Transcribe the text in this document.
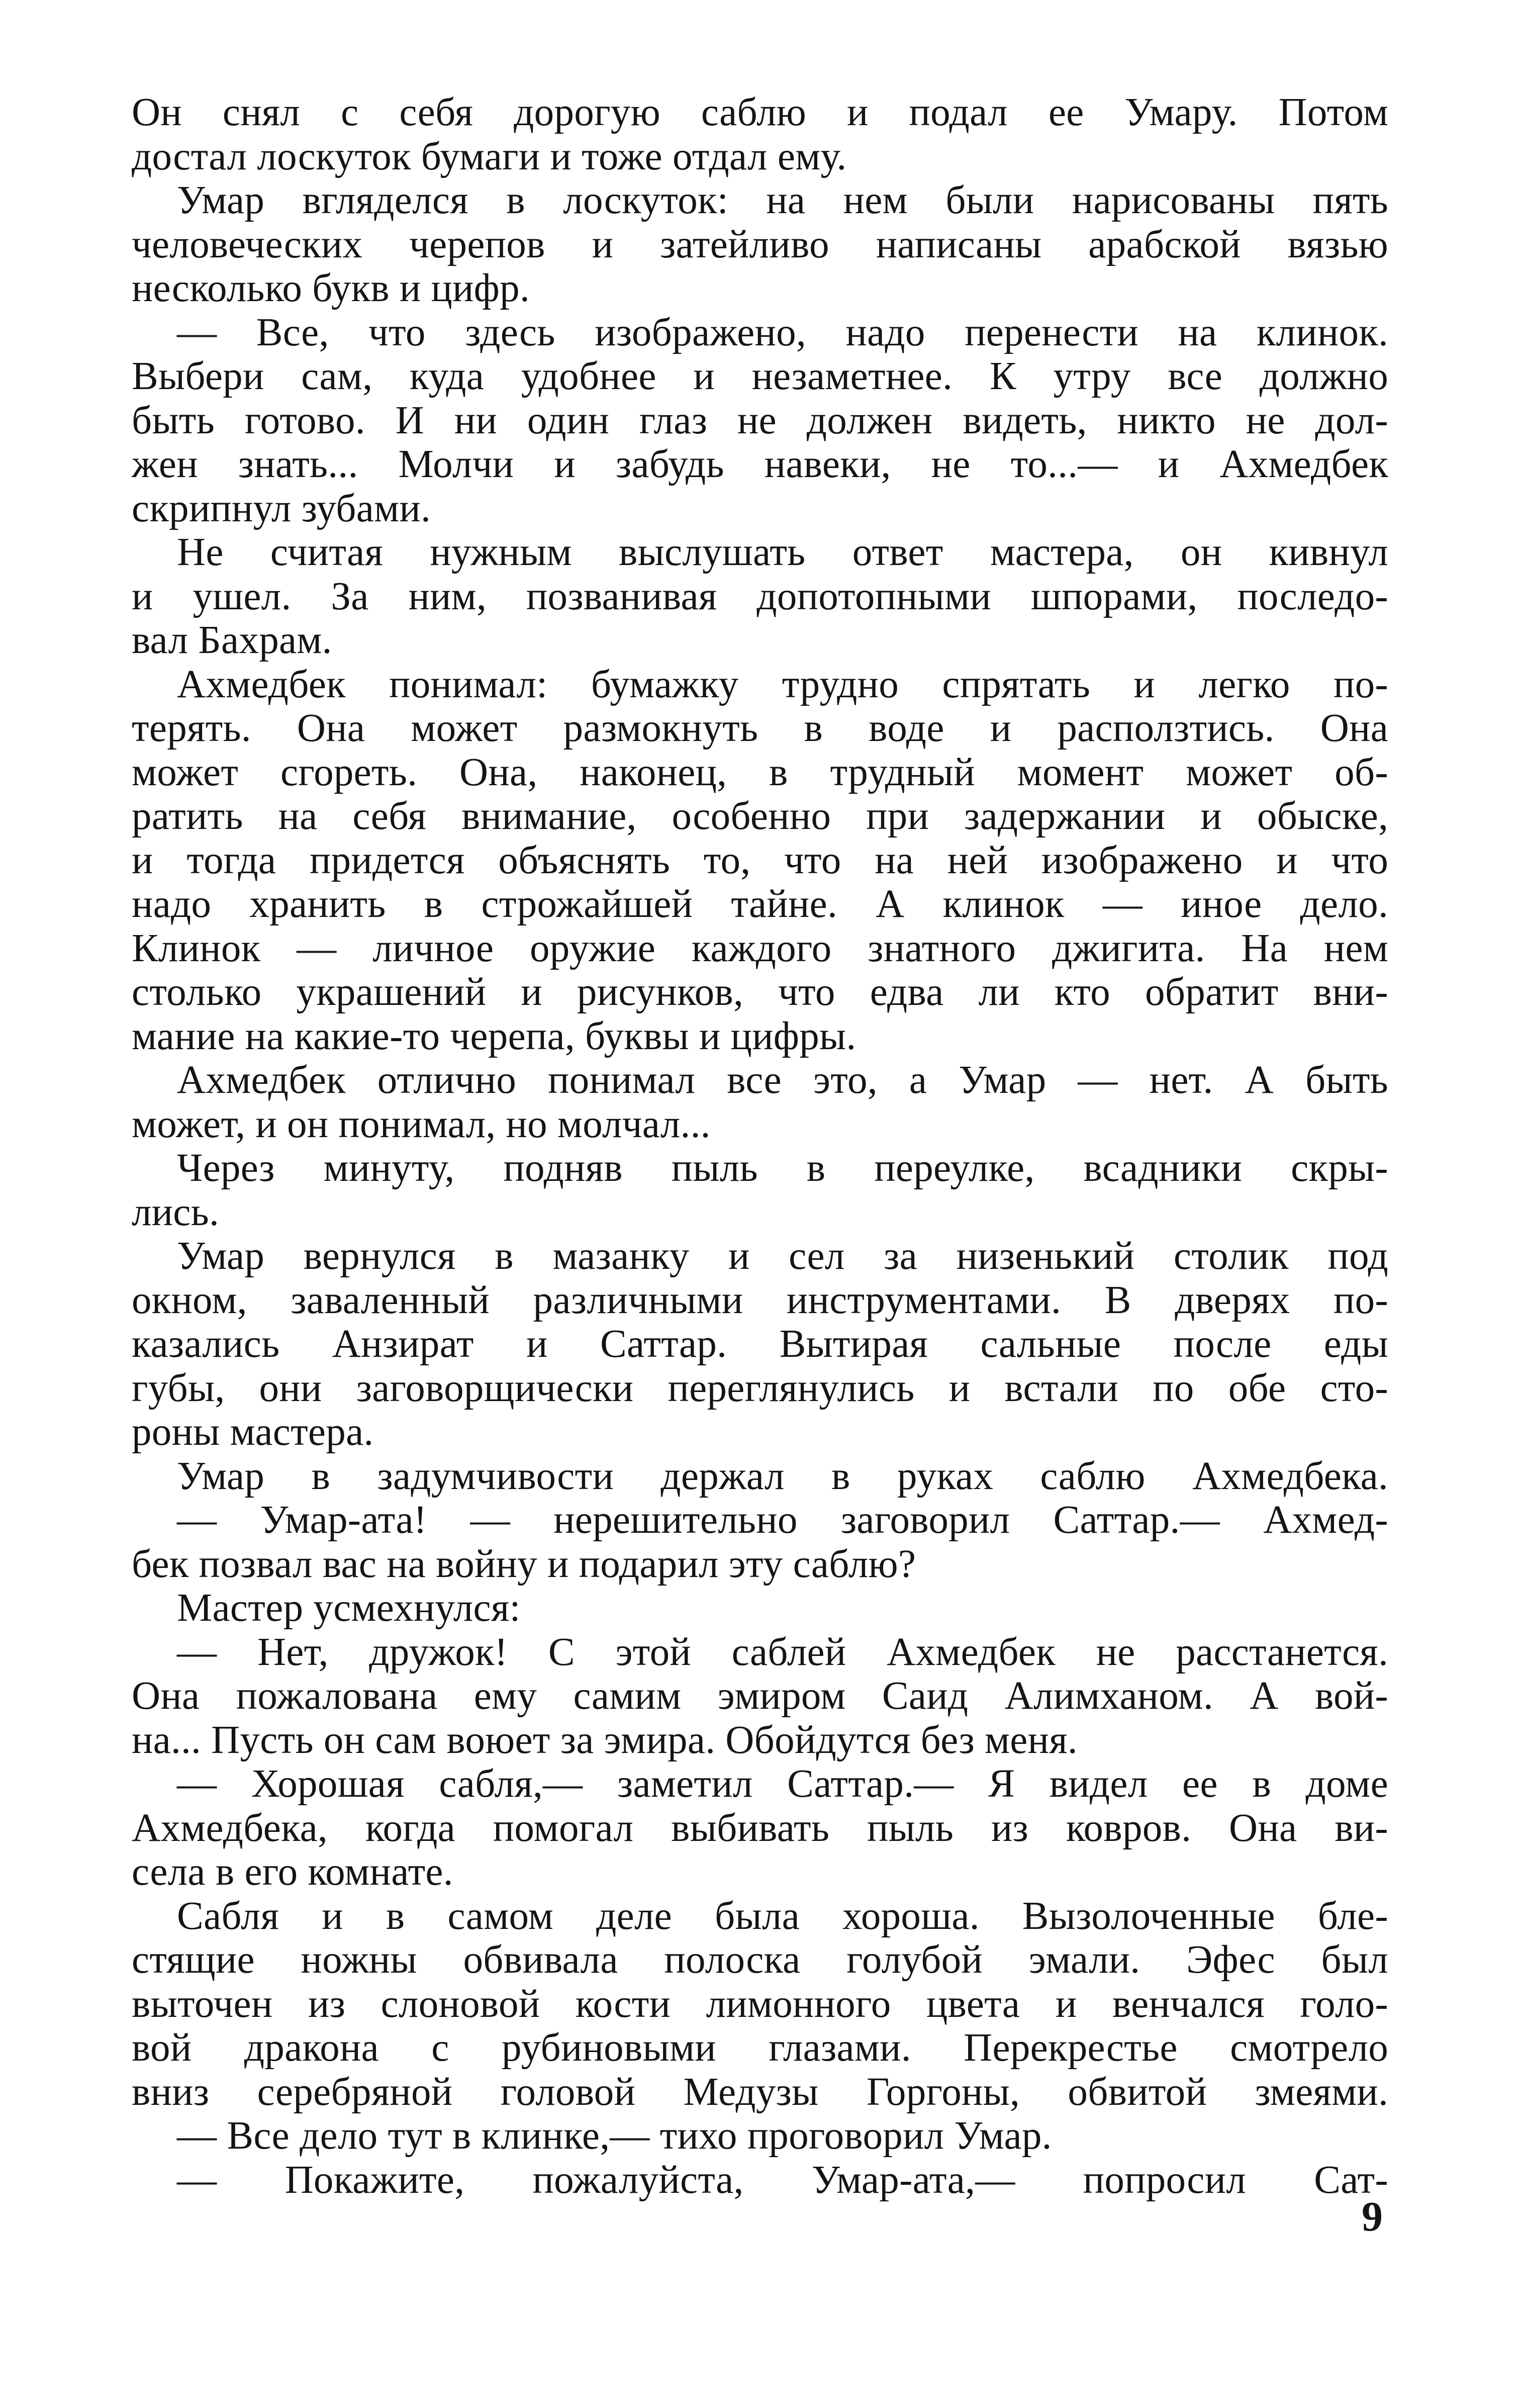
Он снял с себя дорогую саблю и подал ее Умару. Потом
достал лоскуток бумаги и тоже отдал ему.
Умар вгляделся в лоскуток: на нем были нарисованы пять
человеческих черепов и затейливо написаны арабской вязью
несколько букв и цифр.
— Все, что здесь изображено, надо перенести на клинок.
Выбери сам, куда удобнее и незаметнее. К утру все должно
быть готово. И ни один глаз не должен видеть, никто не дол-
жен знать... Молчи и забудь навеки, не то...— и Ахмедбек
скрипнул зубами.
Не считая нужным выслушать ответ мастера, он кивнул
и ушел. За ним, позванивая допотопными шпорами, последо-
вал Бахрам.
Ахмедбек понимал: бумажку трудно спрятать и легко по-
терять. Она может размокнуть в воде и расползтись. Она
может сгореть. Она, наконец, в трудный момент может об-
ратить на себя внимание, особенно при задержании и обыске,
и тогда придется объяснять то, что на ней изображено и что
надо хранить в строжайшей тайне. А клинок — иное дело.
Клинок — личное оружие каждого знатного джигита. На нем
столько украшений и рисунков, что едва ли кто обратит вни-
мание на какие-то черепа, буквы и цифры.
Ахмедбек отлично понимал все это, а Умар — нет. А быть
может, и он понимал, но молчал...
Через минуту, подняв пыль в переулке, всадники скры-
лись.
Умар вернулся в мазанку и сел за низенький столик под
окном, заваленный различными инструментами. В дверях по-
казались Анзират и Саттар. Вытирая сальные после еды
губы, они заговорщически переглянулись и встали по обе сто-
роны мастера.
Умар в задумчивости держал в руках саблю Ахмедбека.
— Умар-ата! — нерешительно заговорил Саттар.— Ахмед-
бек позвал вас на войну и подарил эту саблю?
Мастер усмехнулся:
— Нет, дружок! С этой саблей Ахмедбек не расстанется.
Она пожалована ему самим эмиром Саид Алимханом. А вой-
на... Пусть он сам воюет за эмира. Обойдутся без меня.
— Хорошая сабля,— заметил Саттар.— Я видел ее в доме
Ахмедбека, когда помогал выбивать пыль из ковров. Она ви-
села в его комнате.
Сабля и в самом деле была хороша. Вызолоченные бле-
стящие ножны обвивала полоска голубой эмали. Эфес был
выточен из слоновой кости лимонного цвета и венчался голо-
вой дракона с рубиновыми глазами. Перекрестье смотрело
вниз серебряной головой Медузы Горгоны, обвитой змеями.
— Все дело тут в клинке,— тихо проговорил Умар.
— Покажите, пожалуйста, Умар-ата,— попросил Сат-
9
